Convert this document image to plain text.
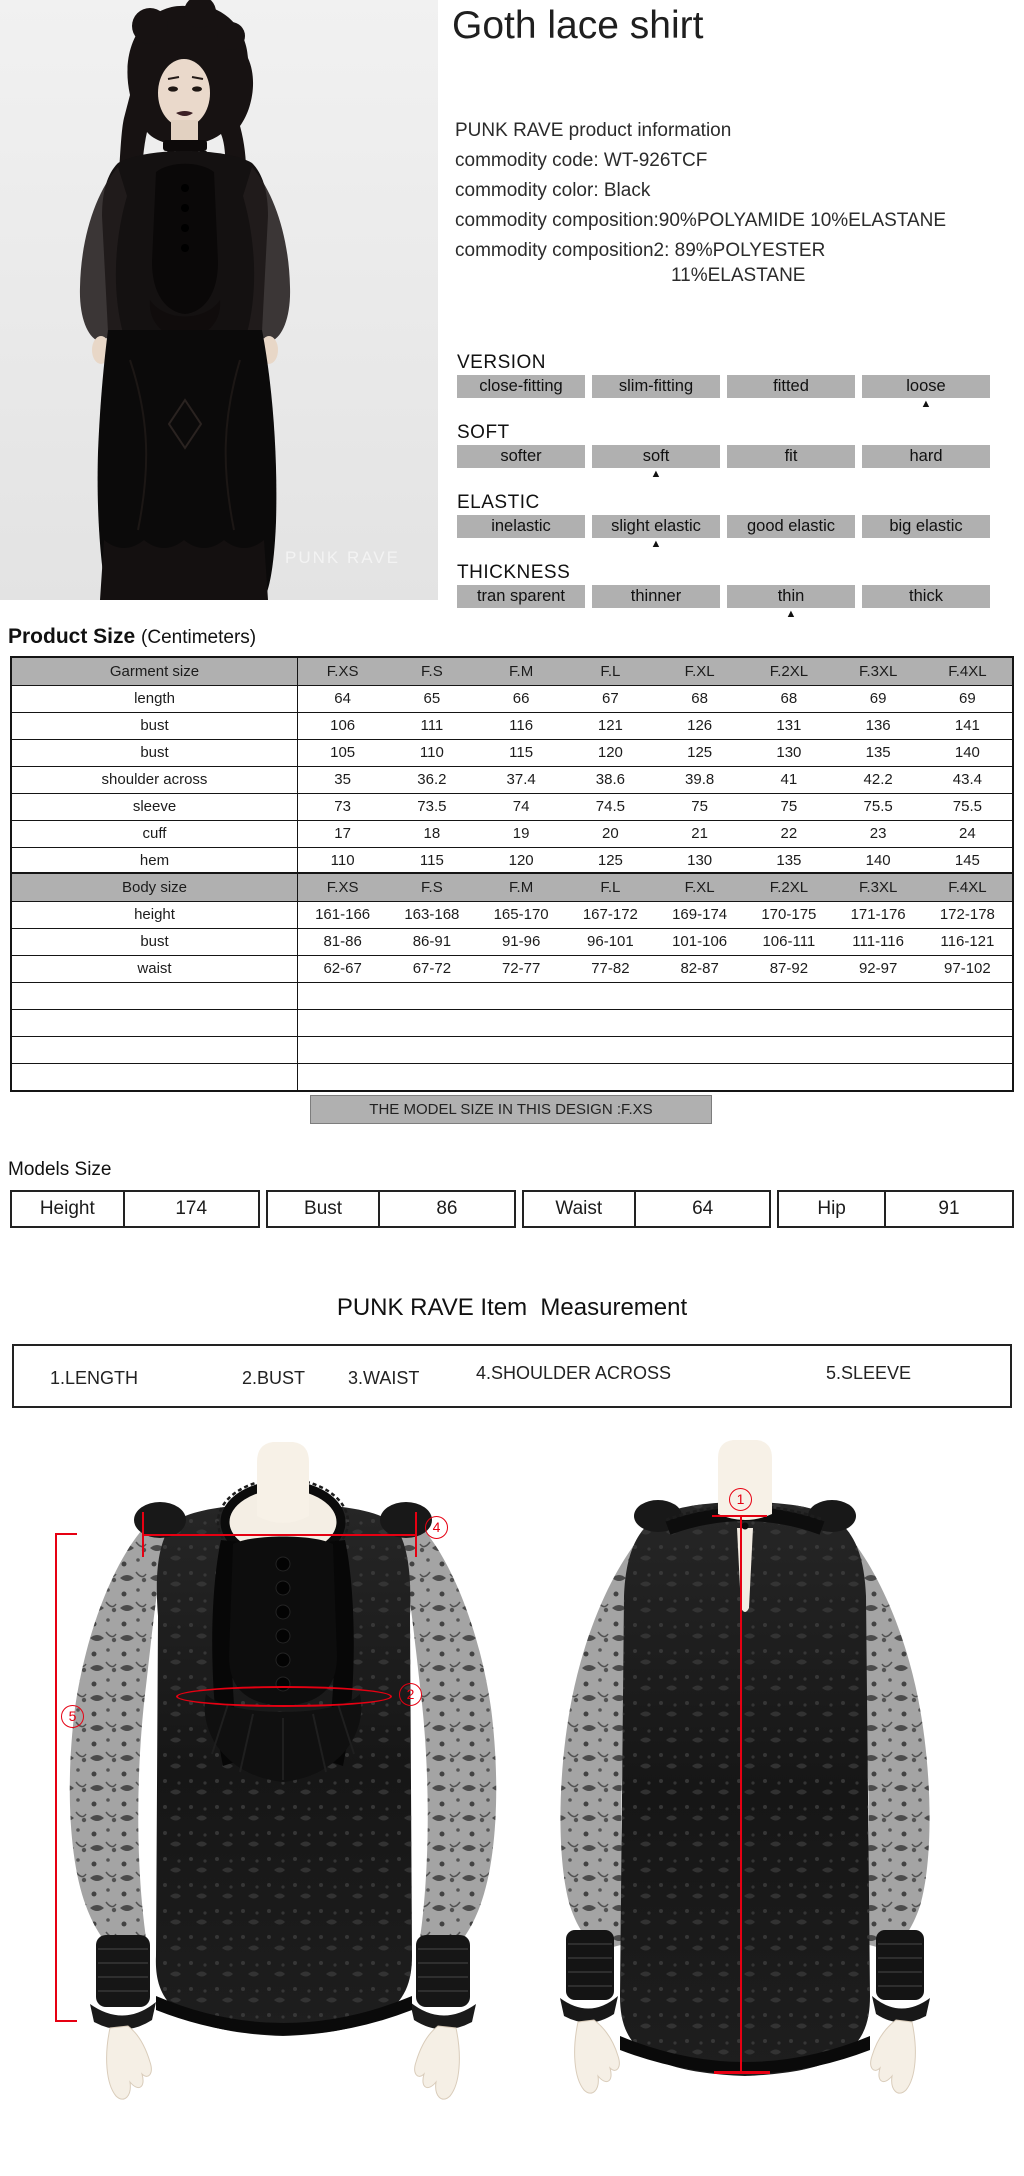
PUNK RAVE
Goth lace shirt
PUNK RAVE product information
commodity code: WT-926TCF
commodity color: Black
commodity composition:90%POLYAMIDE 10%ELASTANE
commodity composition2: 89%POLYESTER
11%ELASTANE
VERSION
close-fitting	slim-fitting	fitted	loose
▲
SOFT
softer	soft	fit	hard
▲
ELASTIC
inelastic	slight elastic	good elastic	big elastic
▲
THICKNESS
tran sparent	thinner	thin	thick
▲
Product Size (Centimeters)
Garment size	F.XS	F.S	F.M	F.L	F.XL	F.2XL	F.3XL	F.4XL
length	64	65	66	67	68	68	69	69
bust	106	111	116	121	126	131	136	141
bust	105	110	115	120	125	130	135	140
shoulder across	35	36.2	37.4	38.6	39.8	41	42.2	43.4
sleeve	73	73.5	74	74.5	75	75	75.5	75.5
cuff	17	18	19	20	21	22	23	24
hem	110	115	120	125	130	135	140	145
Body size	F.XS	F.S	F.M	F.L	F.XL	F.2XL	F.3XL	F.4XL
height	161-166	163-168	165-170	167-172	169-174	170-175	171-176	172-178
bust	81-86	86-91	91-96	96-101	101-106	106-111	111-116	116-121
waist	62-67	67-72	72-77	77-82	82-87	87-92	92-97	97-102
THE MODEL SIZE IN THIS DESIGN :F.XS
Models Size
Height	174	Bust	86	Waist	64	Hip	91
PUNK RAVE Item  Measurement
1.LENGTH	2.BUST 3.WAIST	4.SHOULDER ACROSS	5.SLEEVE
4
5
2
1
